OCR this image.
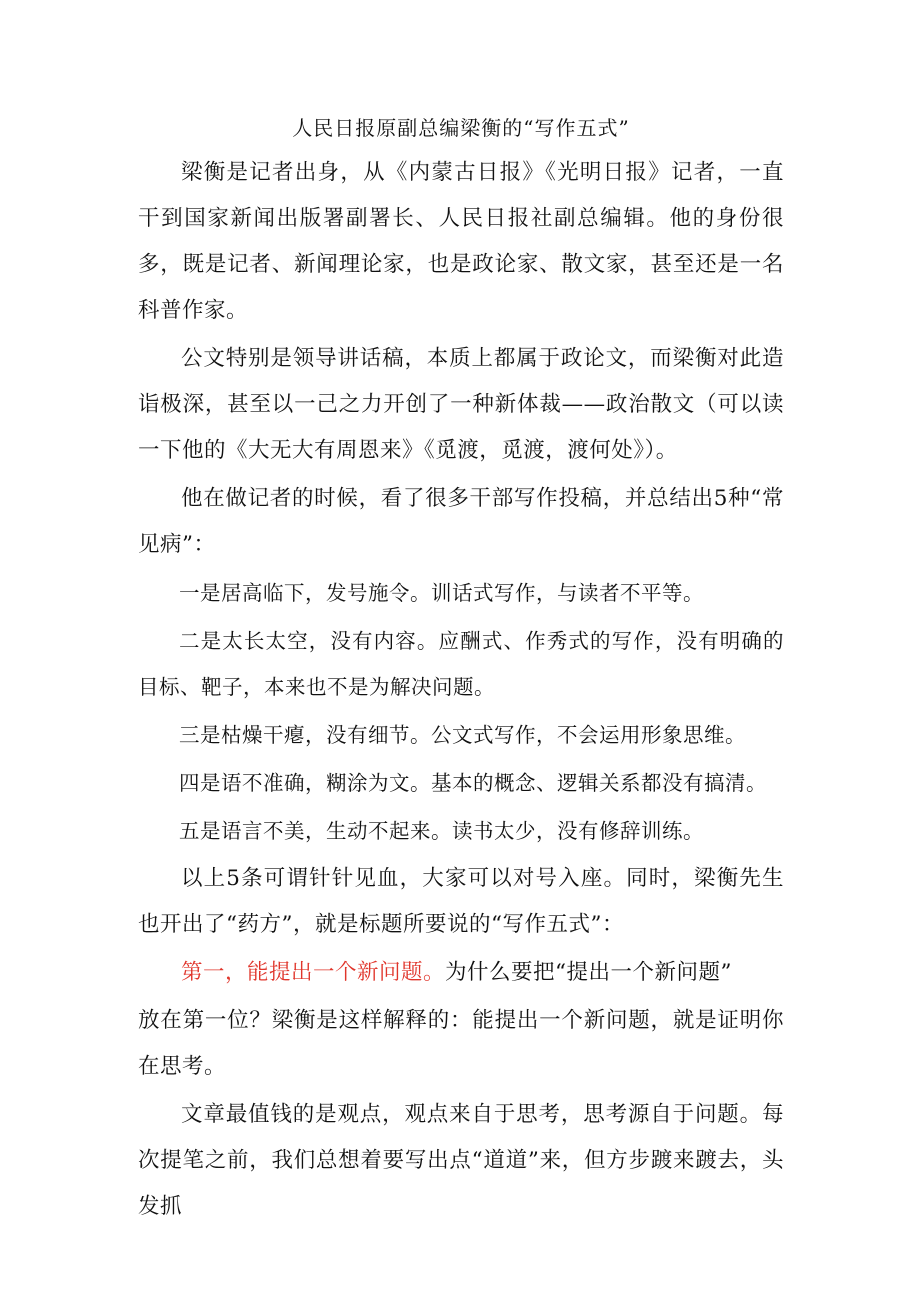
人民日报原副总编梁衡的“写作五式”

梁衡是记者出身，从《内蒙古日报》《光明日报》记者，一直干到国家新闻出版署副署长、人民日报社副总编辑。他的身份很多，既是记者、新闻理论家，也是政论家、散文家，甚至还是一名科普作家。

公文特别是领导讲话稿，本质上都属于政论文，而梁衡对此造诣极深，甚至以一己之力开创了一种新体裁——政治散文（可以读一下他的《大无大有周恩来》《觅渡，觅渡，渡何处》）。

他在做记者的时候，看了很多干部写作投稿，并总结出5种“常见病”：

一是居高临下，发号施令。训话式写作，与读者不平等。

二是太长太空，没有内容。应酬式、作秀式的写作，没有明确的目标、靶子，本来也不是为解决问题。

三是枯燥干瘪，没有细节。公文式写作，不会运用形象思维。

四是语不准确，糊涂为文。基本的概念、逻辑关系都没有搞清。

五是语言不美，生动不起来。读书太少，没有修辞训练。

以上5条可谓针针见血，大家可以对号入座。同时，梁衡先生也开出了“药方”，就是标题所要说的“写作五式”：

第一，能提出一个新问题。为什么要把“提出一个新问题”

放在第一位？梁衡是这样解释的：能提出一个新问题，就是证明你在思考。

文章最值钱的是观点，观点来自于思考，思考源自于问题。每次提笔之前，我们总想着要写出点“道道”来，但方步踱来踱去，头发抓
